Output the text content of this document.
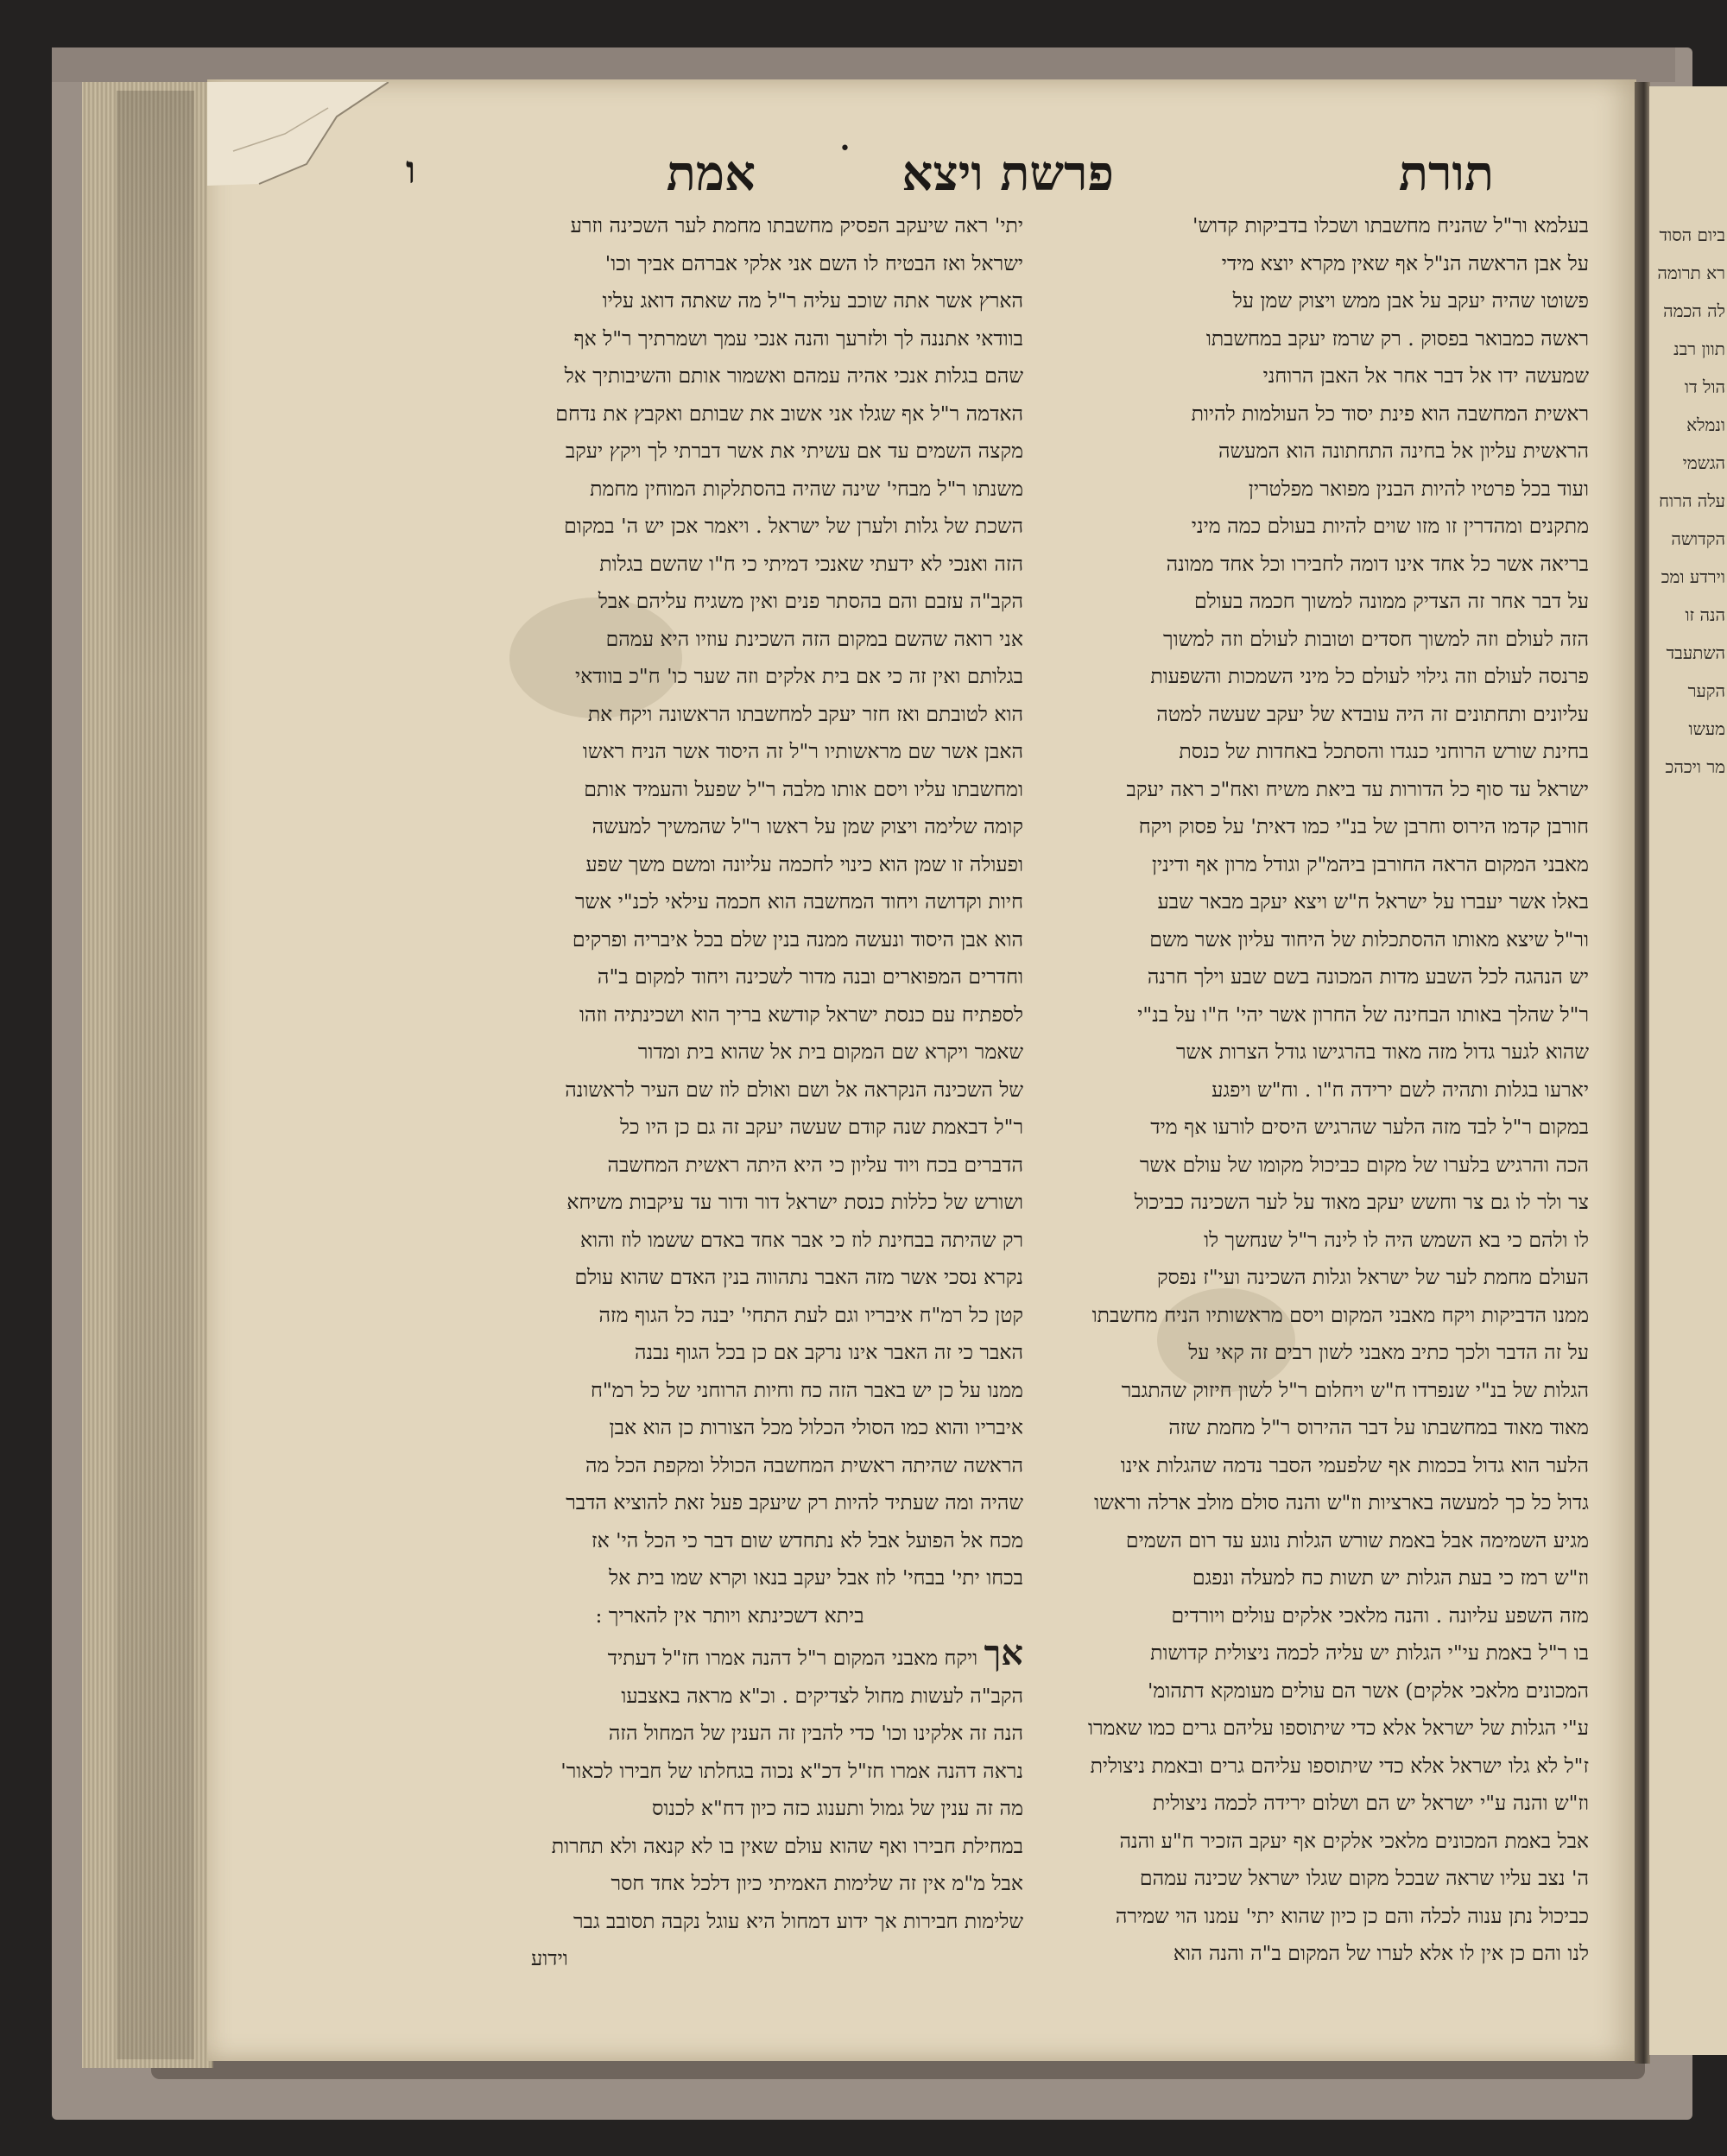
ביום הסוד
רא תרומה
לה הכמה
תוון רבנ
הול דו
ונמלא
הגשמי
עלה הרוח
הקדושה
וירדע ומכ
הנה זו
השתעבד
הקער
מעשו
מר ויכהכ
תורת
פרשת ויצא
•
אמת
ו

בעלמא ור"ל שהניח מחשבתו ושכלו בדביקות קדוש'

על אבן הראשה הנ"ל אף שאין מקרא יוצא מידי

פשוטו שהיה יעקב על אבן ממש ויצוק שמן על

ראשה כמבואר בפסוק . רק שרמז יעקב במחשבתו

שמעשה ידו אל דבר אחר אל האבן הרוחני

ראשית המחשבה הוא פינת יסוד כל העולמות להיות

הראשית עליון אל בחינה התחתונה הוא המעשה

ועוד בכל פרטיו להיות הבנין מפואר מפלטרין

מתקנים ומהדרין זו מזו שוים להיות בעולם כמה מיני

בריאה אשר כל אחד אינו דומה לחבירו וכל אחד ממונה

על דבר אחר זה הצדיק ממונה למשוך חכמה בעולם

הזה לעולם וזה למשוך חסדים וטובות לעולם וזה למשוך

פרנסה לעולם וזה גילוי לעולם כל מיני השמכות והשפעות

עליונים ותחתונים זה היה עובדא של יעקב שעשה למטה

בחינת שורש הרוחני כנגדו והסתכל באחדות של כנסת

ישראל עד סוף כל הדורות עד ביאת משיח ואח"כ ראה יעקב

חורבן קדמו הירוס וחרבן של בנ"י כמו דאית' על פסוק ויקח

מאבני המקום הראה החורבן ביהמ"ק וגודל מרון אף ודינין

באלו אשר יעברו על ישראל ח"ש ויצא יעקב מבאר שבע

ור"ל שיצא מאותו ההסתכלות של היחוד עליון אשר משם

יש הנהגה לכל השבע מדות המכונה בשם שבע וילך חרנה

ר"ל שהלך באותו הבחינה של החרון אשר יהי' ח"ו על בנ"י

שהוא לגער גדול מזה מאוד בהרגישו גודל הצרות אשר

יארעו בגלות ותהיה לשם ירידה ח"ו . וח"ש ויפגע

במקום ר"ל לבד מזה הלער שהרגיש היסים לורעו אף מיד

הכה והרגיש בלערו של מקום כביכול מקומו של עולם אשר

צר ולר לו גם צר וחשש יעקב מאוד על לער השכינה כביכול

לו ולהם כי בא השמש היה לו לינה ר"ל שנחשך לו

העולם מחמת לער של ישראל וגלות השכינה ועי"ז נפסק

ממנו הדביקות ויקח מאבני המקום ויסם מראשותיו הניח מחשבתו

על זה הדבר ולכך כתיב מאבני לשון רבים זה קאי על

הגלות של בנ"י שנפרדו ח"ש ויחלום ר"ל לשון חיזוק שהתגבר

מאוד מאוד במחשבתו על דבר ההירוס ר"ל מחמת שזה

הלער הוא גדול בכמות אף שלפעמי הסבר נדמה שהגלות אינו

גדול כל כך למעשה בארציות וז"ש והנה סולם מולב ארלה וראשו

מגיע השמימה אבל באמת שורש הגלות נוגע עד רום השמים

וז"ש רמז כי בעת הגלות יש תשות כח למעלה ונפגם

מזה השפע עליונה . והנה מלאכי אלקים עולים ויורדים

בו ר"ל באמת עי"י הגלות יש עליה לכמה ניצולית קדושות

המכונים מלאכי אלקים) אשר הם עולים מעומקא דתהומ'

ע"י הגלות של ישראל אלא כדי שיתוספו עליהם גרים כמו שאמרו

ז"ל לא גלו ישראל אלא כדי שיתוספו עליהם גרים ובאמת ניצולית

וז"ש והנה ע"י ישראל יש הם ושלום ירידה לכמה ניצולית

אבל באמת המכונים מלאכי אלקים אף יעקב הזכיר ח"ע והנה

ה' נצב עליו שראה שבכל מקום שגלו ישראל שכינה עמהם

כביכול נתן ענוה לכלה והם כן כיון שהוא יתי' עמנו הוי שמירה

לנו והם כן אין לו אלא לערו של המקום ב"ה והנה הוא

יתי' ראה שיעקב הפסיק מחשבתו מחמת לער השכינה וזרע

ישראל ואז הבטיח לו השם אני אלקי אברהם אביך וכו'

הארץ אשר אתה שוכב עליה ר"ל מה שאתה דואג עליו

בוודאי אתננה לך ולזרעך והנה אנכי עמך ושמרתיך ר"ל אף

שהם בגלות אנכי אהיה עמהם ואשמור אותם והשיבותיך אל

האדמה ר"ל אף שגלו אני אשוב את שבותם ואקבץ את נדחם

מקצה השמים עד אם עשיתי את אשר דברתי לך ויקץ יעקב

משנתו ר"ל מבחי' שינה שהיה בהסתלקות המוחין מחמת

השכת של גלות ולערן של ישראל . ויאמר אכן יש ה' במקום

הזה ואנכי לא ידעתי שאנכי דמיתי כי ח"ו שהשם בגלות

הקב"ה עזבם והם בהסתר פנים ואין משגיח עליהם אבל

אני רואה שהשם במקום הזה השכינת עוזיו היא עמהם

בגלותם ואין זה כי אם בית אלקים וזה שער כו' ח"כ בוודאי

הוא לטובתם ואז חזר יעקב למחשבתו הראשונה ויקח את

האבן אשר שם מראשותיו ר"ל זה היסוד אשר הניח ראשו

ומחשבתו עליו ויסם אותו מלבה ר"ל שפעל והעמיד אותם

קומה שלימה ויצוק שמן על ראשו ר"ל שהמשיך למעשה

ופעולה זו שמן הוא כינוי לחכמה עליונה ומשם משך שפע

חיות וקדושה ויחוד המחשבה הוא חכמה עילאי לכנ"י אשר

הוא אבן היסוד ונעשה ממנה בנין שלם בכל איבריה ופרקים

וחדרים המפוארים ובנה מדור לשכינה ויחוד למקום ב"ה

לספתיח עם כנסת ישראל קודשא בריך הוא ושכינתיה וזהו

שאמר ויקרא שם המקום בית אל שהוא בית ומדור

של השכינה הנקראה אל ושם ואולם לוז שם העיר לראשונה

ר"ל דבאמת שנה קודם שעשה יעקב זה גם כן היו כל

הדברים בכח ויוד עליון כי היא היתה ראשית המחשבה

ושורש של כללות כנסת ישראל דור ודור עד עיקבות משיחא

רק שהיתה בבחינת לוז כי אבר אחד באדם ששמו לוז והוא

נקרא נסכי אשר מזה האבר נתהווה בנין האדם שהוא עולם

קטן כל רמ"ח איבריו וגם לעת התחי' יבנה כל הגוף מזה

האבר כי זה האבר אינו נרקב אם כן בכל הגוף נבנה

ממנו על כן יש באבר הזה כח וחיות הרוחני של כל רמ"ח

איבריו והוא כמו הסולי הכלול מכל הצורות כן הוא אבן

הראשה שהיתה ראשית המחשבה הכולל ומקפת הכל מה

שהיה ומה שעתיד להיות רק שיעקב פעל זאת להוציא הדבר

מכח אל הפועל אבל לא נתחדש שום דבר כי הכל הי' אז

בכחו יתי' בבחי' לוז אבל יעקב בנאו וקרא שמו בית אל

ביתא דשכינתא ויותר אין להאריך :

אך ויקח מאבני המקום ר"ל דהנה אמרו חז"ל דעתיד

הקב"ה לעשות מחול לצדיקים . וכ"א מראה באצבעו

הנה זה אלקינו וכו' כדי להבין זה הענין של המחול הזה

נראה דהנה אמרו חז"ל דכ"א נכוה בגחלתו של חבירו לכאור'

מה זה ענין של גמול ותענוג כזה כיון דח"א לכנוס

במחילת חבירו ואף שהוא עולם שאין בו לא קנאה ולא תחרות

אבל מ"מ אין זה שלימות האמיתי כיון דלכל אחד חסר

שלימות חבירות אך ידוע דמחול היא עוגל נקבה תסובב גבר

וידוע
